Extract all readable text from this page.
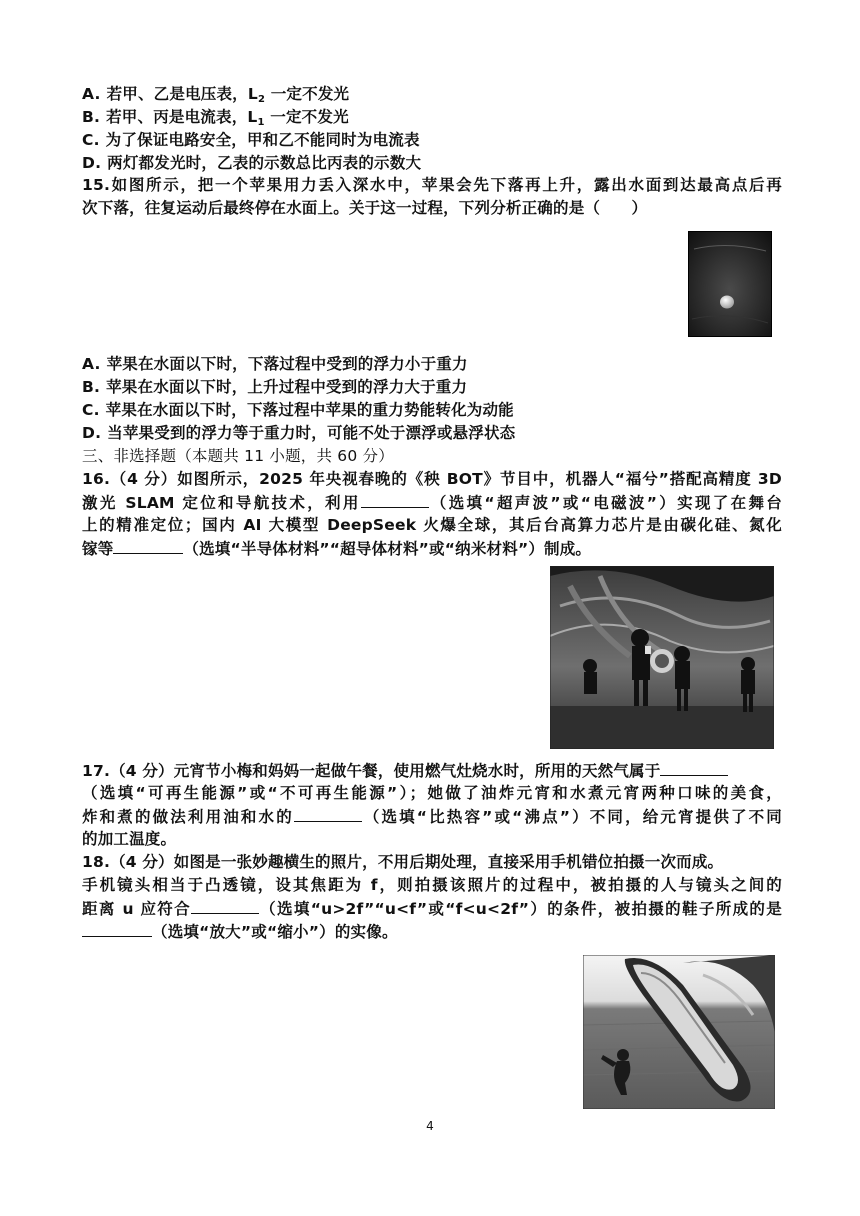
A. 若甲、乙是电压表，$L_2$ 一定不发光
B. 若甲、丙是电流表，$L_1$ 一定不发光
C. 为了保证电路安全，甲和乙不能同时为电流表
D. 两灯都发光时，乙表的示数总比丙表的示数大
15.如图所示，把一个苹果用力丢入深水中，苹果会先下落再上升，露出水面到达最高点后再
次下落，往复运动后最终停在水面上。关于这一过程，下列分析正确的是（　　）
A. 苹果在水面以下时，下落过程中受到的浮力小于重力
B. 苹果在水面以下时，上升过程中受到的浮力大于重力
C. 苹果在水面以下时，下落过程中苹果的重力势能转化为动能
D. 当苹果受到的浮力等于重力时，可能不处于漂浮或悬浮状态
三、非选择题（本题共 11 小题，共 60 分）
16.（4 分）如图所示，2025 年央视春晚的《秧 BOT》节目中，机器人“福兮”搭配高精度 3D
激光 SLAM 定位和导航技术，利用	（选填“超声波”或“电磁波”）实现了在舞台
上的精准定位；国内 AI 大模型 DeepSeek 火爆全球，其后台高算力芯片是由碳化硅、氮化
镓等	（选填“半导体材料”“超导体材料”或“纳米材料”）制成。
17.（4 分）元宵节小梅和妈妈一起做午餐，使用燃气灶烧水时，所用的天然气属于
（选填“可再生能源”或“不可再生能源”）；她做了油炸元宵和水煮元宵两种口味的美食，
炸和煮的做法利用油和水的	（选填“比热容”或“沸点”）不同，给元宵提供了不同
的加工温度。
18.（4 分）如图是一张妙趣横生的照片，不用后期处理，直接采用手机错位拍摄一次而成。
手机镜头相当于凸透镜，设其焦距为 f，则拍摄该照片的过程中，被拍摄的人与镜头之间的
距离 u 应符合	（选填“u>2f”“u<f”或“f<u<2f”）的条件，被拍摄的鞋子所成的是
（选填“放大”或“缩小”）的实像。
4
